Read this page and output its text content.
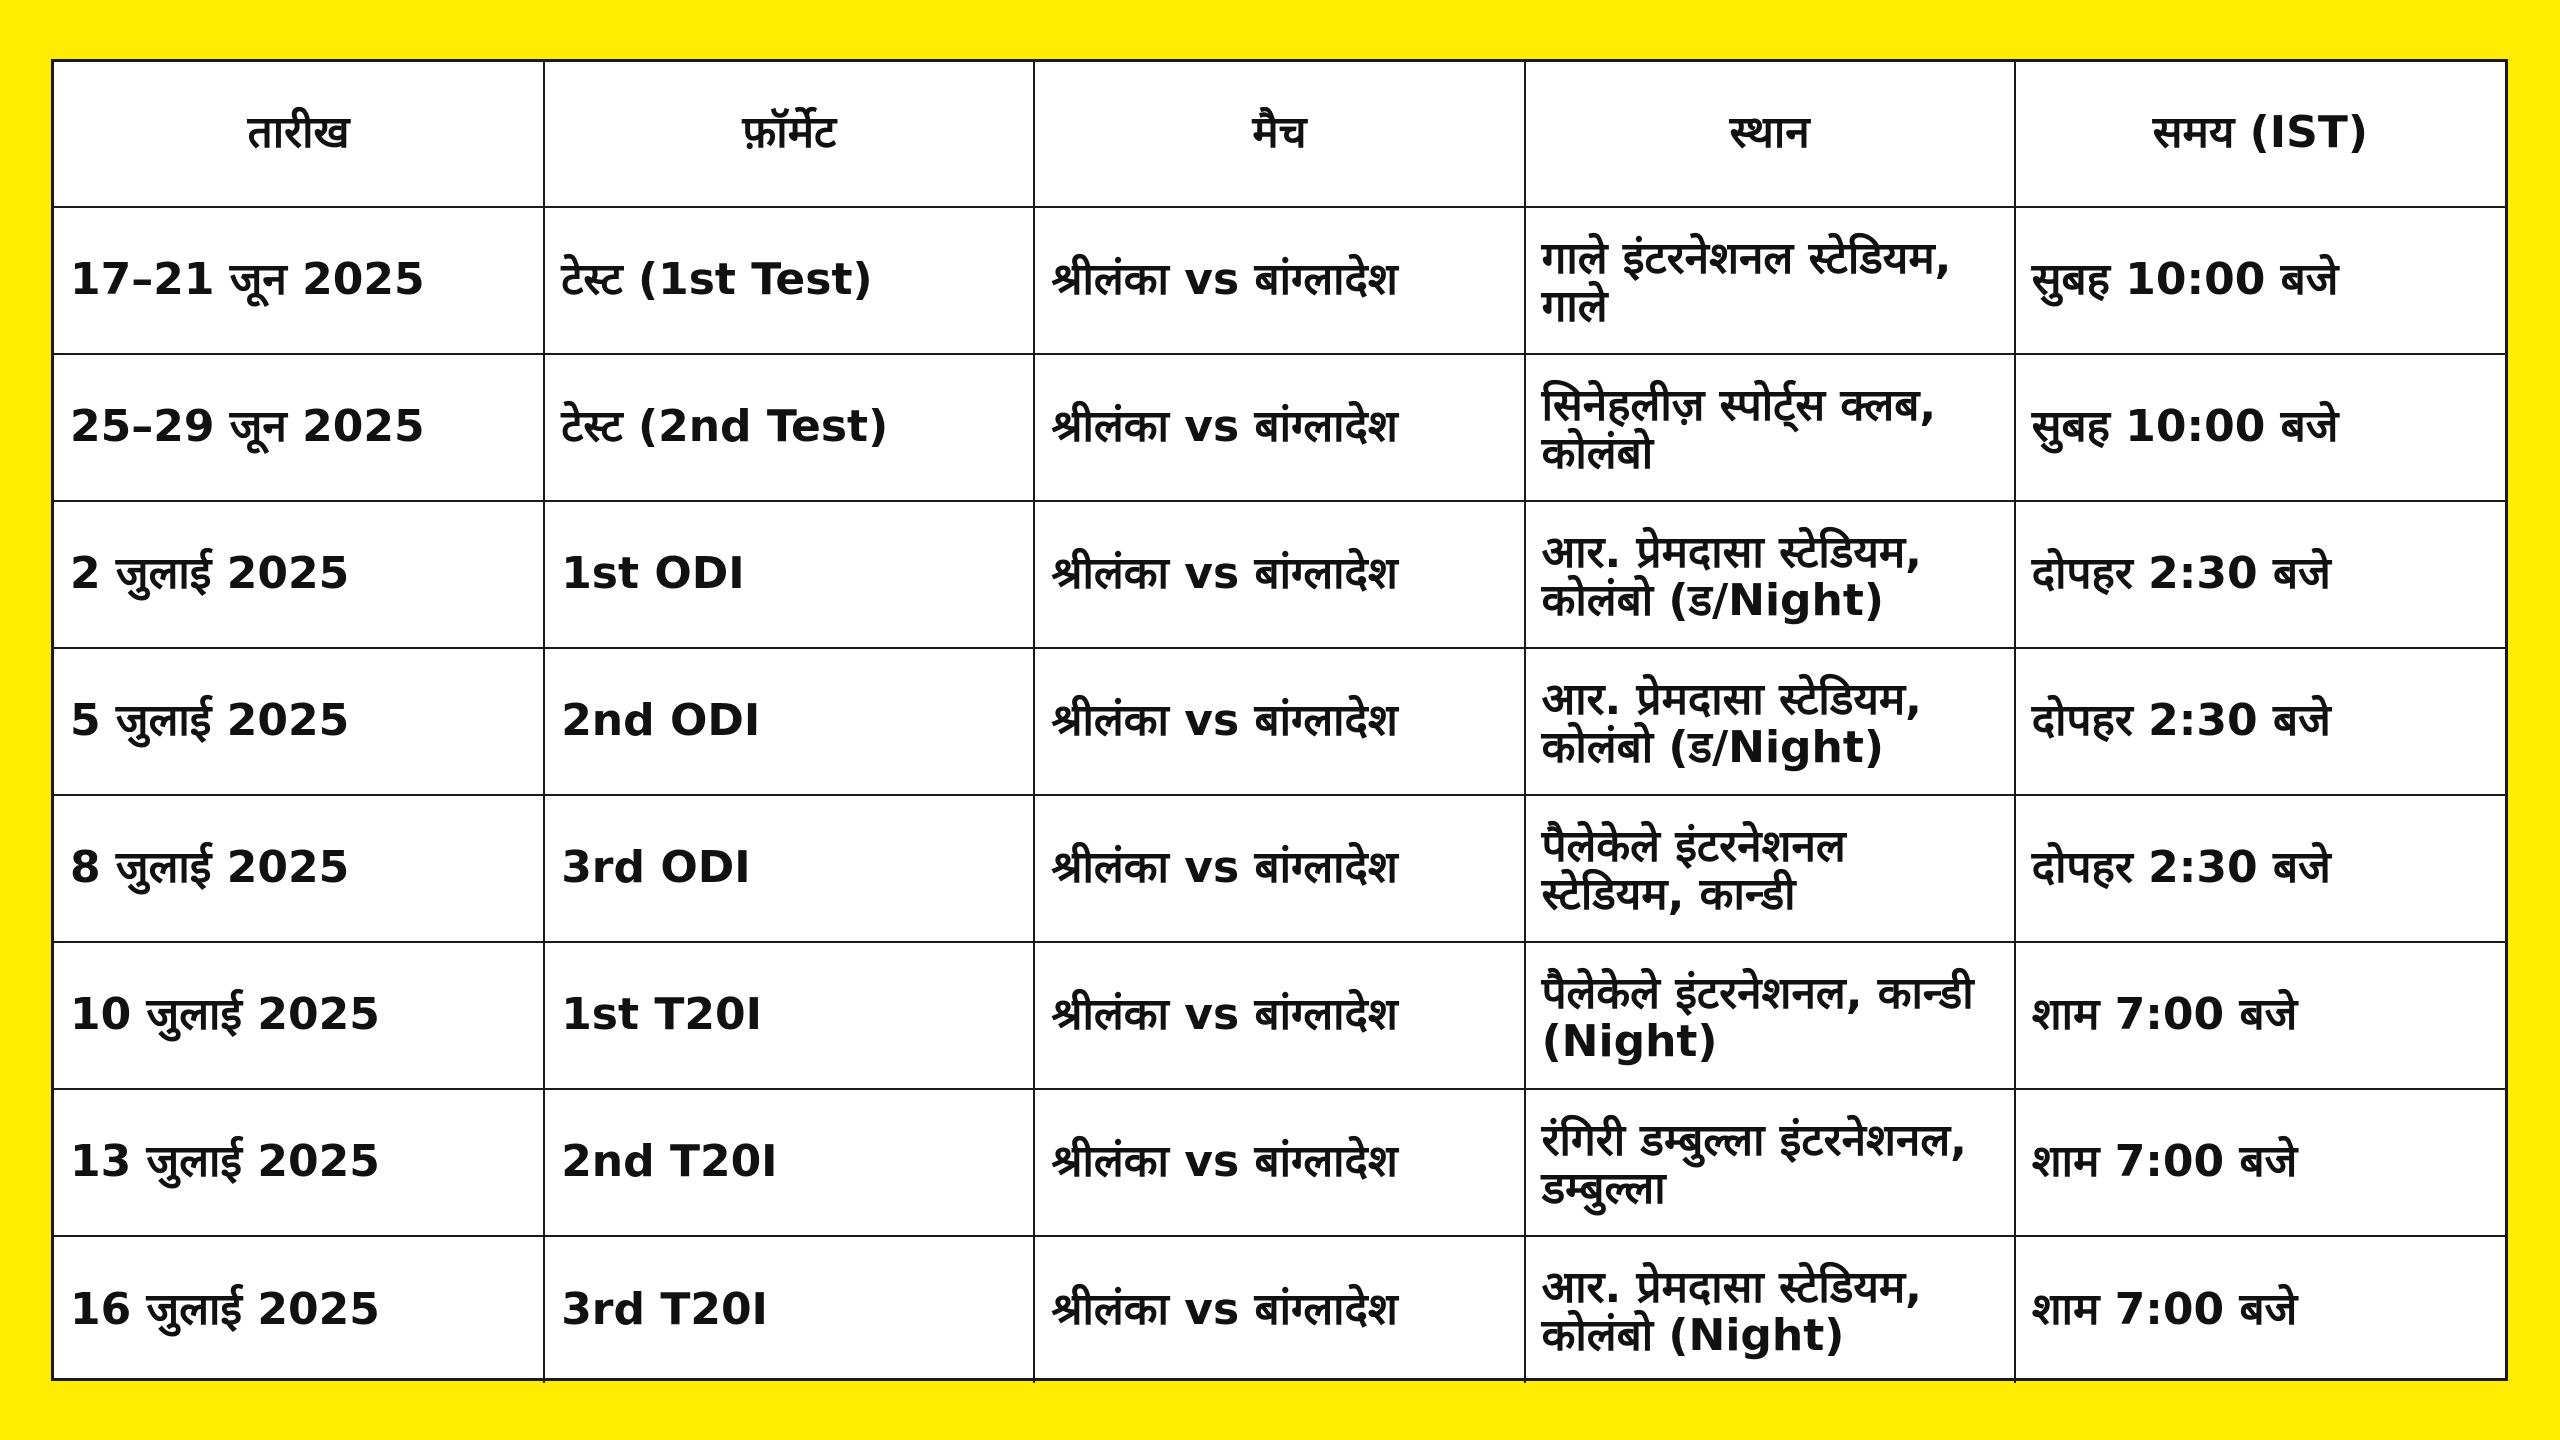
तारीख	फ़ॉर्मेट	मैच	स्थान	समय (IST)
17–21 जून 2025	टेस्ट (1st Test)	श्रीलंका vs बांग्लादेश	गाले इंटरनेशनल स्टेडियम, गाले	सुबह 10:00 बजे
25–29 जून 2025	टेस्ट (2nd Test)	श्रीलंका vs बांग्लादेश	सिनेहलीज़ स्पोर्ट्स क्लब, कोलंबो	सुबह 10:00 बजे
2 जुलाई 2025	1st ODI	श्रीलंका vs बांग्लादेश	आर. प्रेमदासा स्टेडियम, कोलंबो (ड/Night)	दोपहर 2:30 बजे
5 जुलाई 2025	2nd ODI	श्रीलंका vs बांग्लादेश	आर. प्रेमदासा स्टेडियम, कोलंबो (ड/Night)	दोपहर 2:30 बजे
8 जुलाई 2025	3rd ODI	श्रीलंका vs बांग्लादेश	पैलेकेले इंटरनेशनल स्टेडियम, कान्डी	दोपहर 2:30 बजे
10 जुलाई 2025	1st T20I	श्रीलंका vs बांग्लादेश	पैलेकेले इंटरनेशनल, कान्डी (Night)	शाम 7:00 बजे
13 जुलाई 2025	2nd T20I	श्रीलंका vs बांग्लादेश	रंगिरी डम्बुल्ला इंटरनेशनल, डम्बुल्ला	शाम 7:00 बजे
16 जुलाई 2025	3rd T20I	श्रीलंका vs बांग्लादेश	आर. प्रेमदासा स्टेडियम, कोलंबो (Night)	शाम 7:00 बजे
